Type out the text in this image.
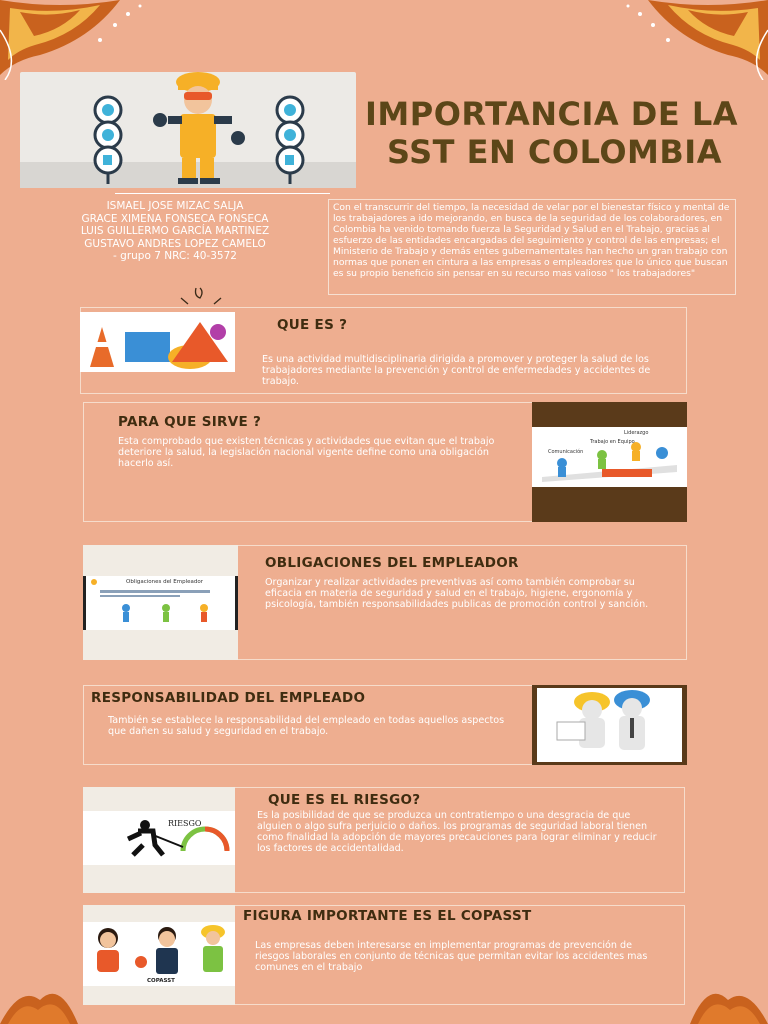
IMPORTANCIA DE LA
SST EN COLOMBIA
ISMAEL JOSE MIZAC SALJA
GRACE XIMENA FONSECA FONSECA
LUIS GUILLERMO GARCÍA MARTINEZ
GUSTAVO ANDRES LOPEZ CAMELO
- grupo 7 NRC: 40-3572
Con el transcurrir del tiempo, la necesidad de velar por el bienestar físico y mental de los trabajadores a ido mejorando, en busca de la seguridad de los colaboradores, en Colombia ha venido tomando fuerza la Seguridad y Salud en el Trabajo, gracias al esfuerzo de las entidades encargadas del seguimiento y control de las empresas; el Ministerio de Trabajo y demás entes gubernamentales han hecho un gran trabajo con normas que ponen en cintura a las empresas o empleadores que lo único que buscan es su propio beneficio sin pensar en su recurso mas valioso " los trabajadores"
QUE ES ?
Es una actividad multidisciplinaria dirigida a promover y proteger la salud de los trabajadores mediante la prevención y control de enfermedades y accidentes de trabajo.
PARA QUE SIRVE ?
Esta comprobado que existen técnicas y actividades que evitan que el trabajo deteriore la salud, la legislación nacional vigente define como una obligación hacerlo así.
Liderazgo
Trabajo en Equipo
Comunicación
Obligaciones del Empleador
OBLIGACIONES DEL EMPLEADOR
Organizar y realizar actividades preventivas así como también comprobar su eficacia en materia de seguridad y salud en el trabajo, higiene, ergonomía y psicología, también responsabilidades publicas de promoción control y sanción.
RESPONSABILIDAD DEL EMPLEADO
También se establece la responsabilidad del empleado en todas aquellos aspectos que dañen su salud y seguridad en el trabajo.
RIESGO
QUE ES EL RIESGO?
Es la posibilidad de que se produzca un contratiempo o una desgracia de que alguien o algo sufra perjuicio o daños. los programas de seguridad laboral tienen como finalidad la adopción de mayores precauciones para lograr eliminar y reducir los factores de accidentalidad.
COPASST
FIGURA IMPORTANTE ES EL COPASST
Las empresas deben interesarse en implementar programas de prevención de riesgos laborales en conjunto de técnicas que permitan evitar los accidentes mas comunes en el trabajo
